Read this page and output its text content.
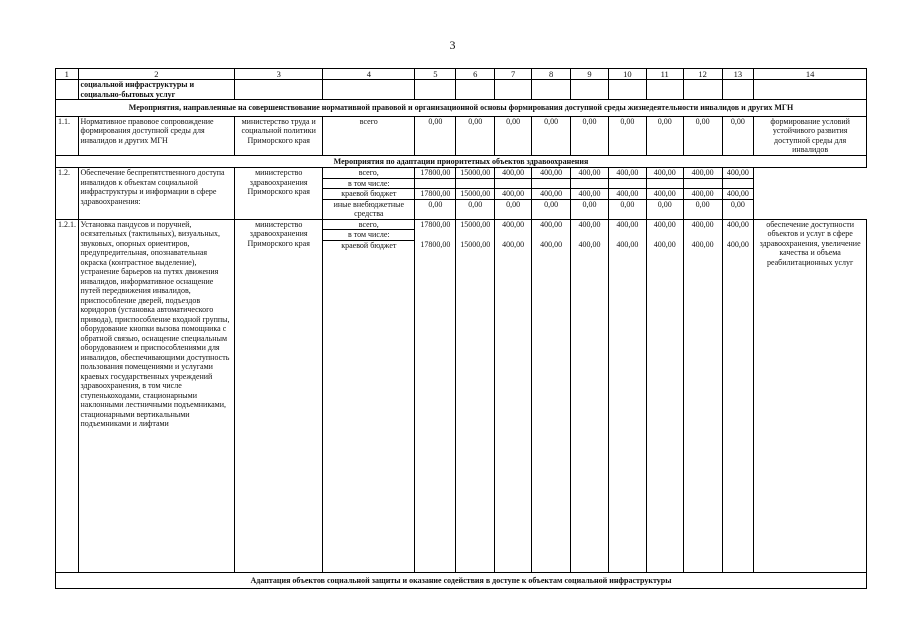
3
1	2	3	4	5	6	7	8	9	10	11	12	13	14
	социальной инфраструктуры и социально-бытовых услуг												
Мероприятия, направленные на совершенствование нормативной правовой и организационной основы формирования доступной среды жизнедеятельности инвалидов и других МГН													
1.1.	Нормативное правовое сопровождение формирования доступной среды для инвалидов и других МГН	министерство труда и социальной политики Приморского края	всего	0,00	0,00	0,00	0,00	0,00	0,00	0,00	0,00	0,00	формирование условий устойчивого развития доступной среды для инвалидов
Мероприятия по адаптации приоритетных объектов здравоохранения													
1.2.	Обеспечение беспрепятственного доступа инвалидов к объектам социальной инфраструктуры и информации в сфере здравоохранения:	министерство здравоохранения Приморского края	всего,	17800,00	15000,00	400,00	400,00	400,00	400,00	400,00	400,00	400,00	
			в том числе:										
			краевой бюджет	17800,00	15000,00	400,00	400,00	400,00	400,00	400,00	400,00	400,00	
			иные внебюджетные средства	0,00	0,00	0,00	0,00	0,00	0,00	0,00	0,00	0,00	
1.2.1.	Установка пандусов и поручней, осязательных (тактильных), визуальных, звуковых, опорных ориентиров, предупредительная, опознавательная окраска (контрастное выделение), устранение барьеров на путях движения инвалидов, информативное оснащение путей передвижения инвалидов, приспособление дверей, подъездов коридоров (установка автоматического привода), приспособление входной группы, оборудование кнопки вызова помощника с обратной связью, оснащение специальным оборудованием и приспособлениями для инвалидов, обеспечивающими доступность пользования помещениями и услугами краевых государственных учреждений здравоохранения, в том числе ступенькоходами, стационарными наклонными лестничными подъемниками, стационарными вертикальными подъемниками и лифтами	министерство здравоохранения Приморского края	всего,	17800,00	15000,00	400,00	400,00	400,00	400,00	400,00	400,00	400,00	обеспечение доступности объектов и услуг в сфере здравоохранения, увеличение качества и объема реабилитационных услуг
			в том числе:										
			краевой бюджет	17800,00	15000,00	400,00	400,00	400,00	400,00	400,00	400,00	400,00	

Адаптация объектов социальной защиты и оказание содействия в доступе к объектам социальной инфраструктуры													
